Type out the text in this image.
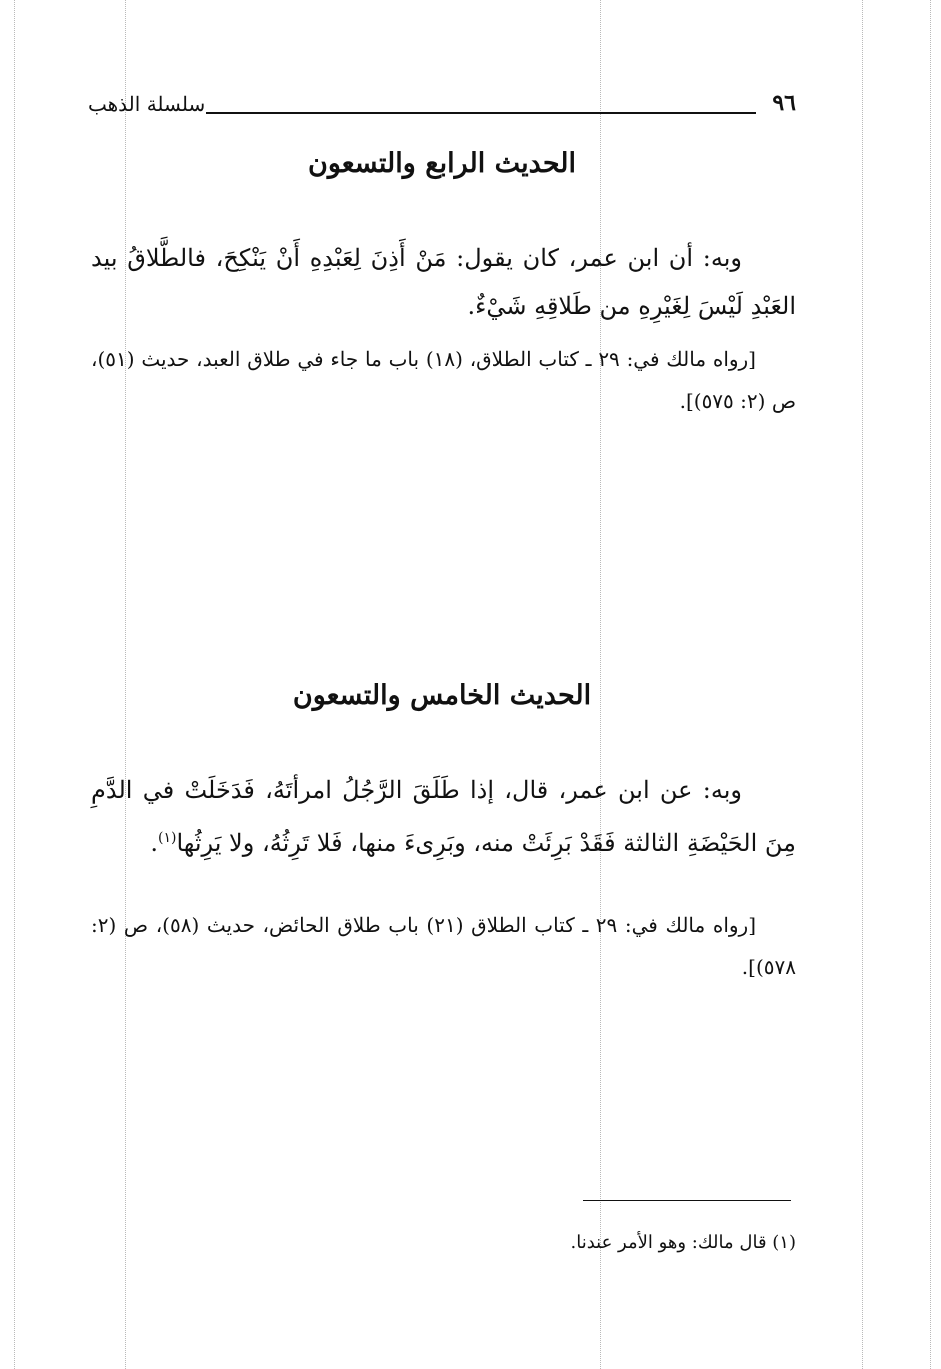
٩٦
سلسلة الذهب
الحديث الرابع والتسعون

وبه: أن ابن عمر، كان يقول: مَنْ أَذِنَ لِعَبْدِهِ أَنْ يَنْكِحَ، فالطَّلاقُ بيد العَبْدِ لَيْسَ لِغَيْرِهِ من طَلاقِهِ شَيْءٌ.

[رواه مالك في: ٢٩ ـ كتاب الطلاق، (١٨) باب ما جاء في طلاق العبد، حديث (٥١)، ص (٢: ٥٧٥)].

الحديث الخامس والتسعون

وبه: عن ابن عمر، قال، إذا طَلَقَ الرَّجُلُ امرأتَهُ، فَدَخَلَتْ في الدَّمِ مِنَ الحَيْضَةِ الثالثة فَقَدْ بَرِئَتْ منه، وبَرِىءَ منها، فَلا تَرِثُهُ، ولا يَرِثُها$^{(١)}$.

[رواه مالك في: ٢٩ ـ كتاب الطلاق (٢١) باب طلاق الحائض، حديث (٥٨)، ص (٢: ٥٧٨)].

(١) قال مالك: وهو الأمر عندنا.
